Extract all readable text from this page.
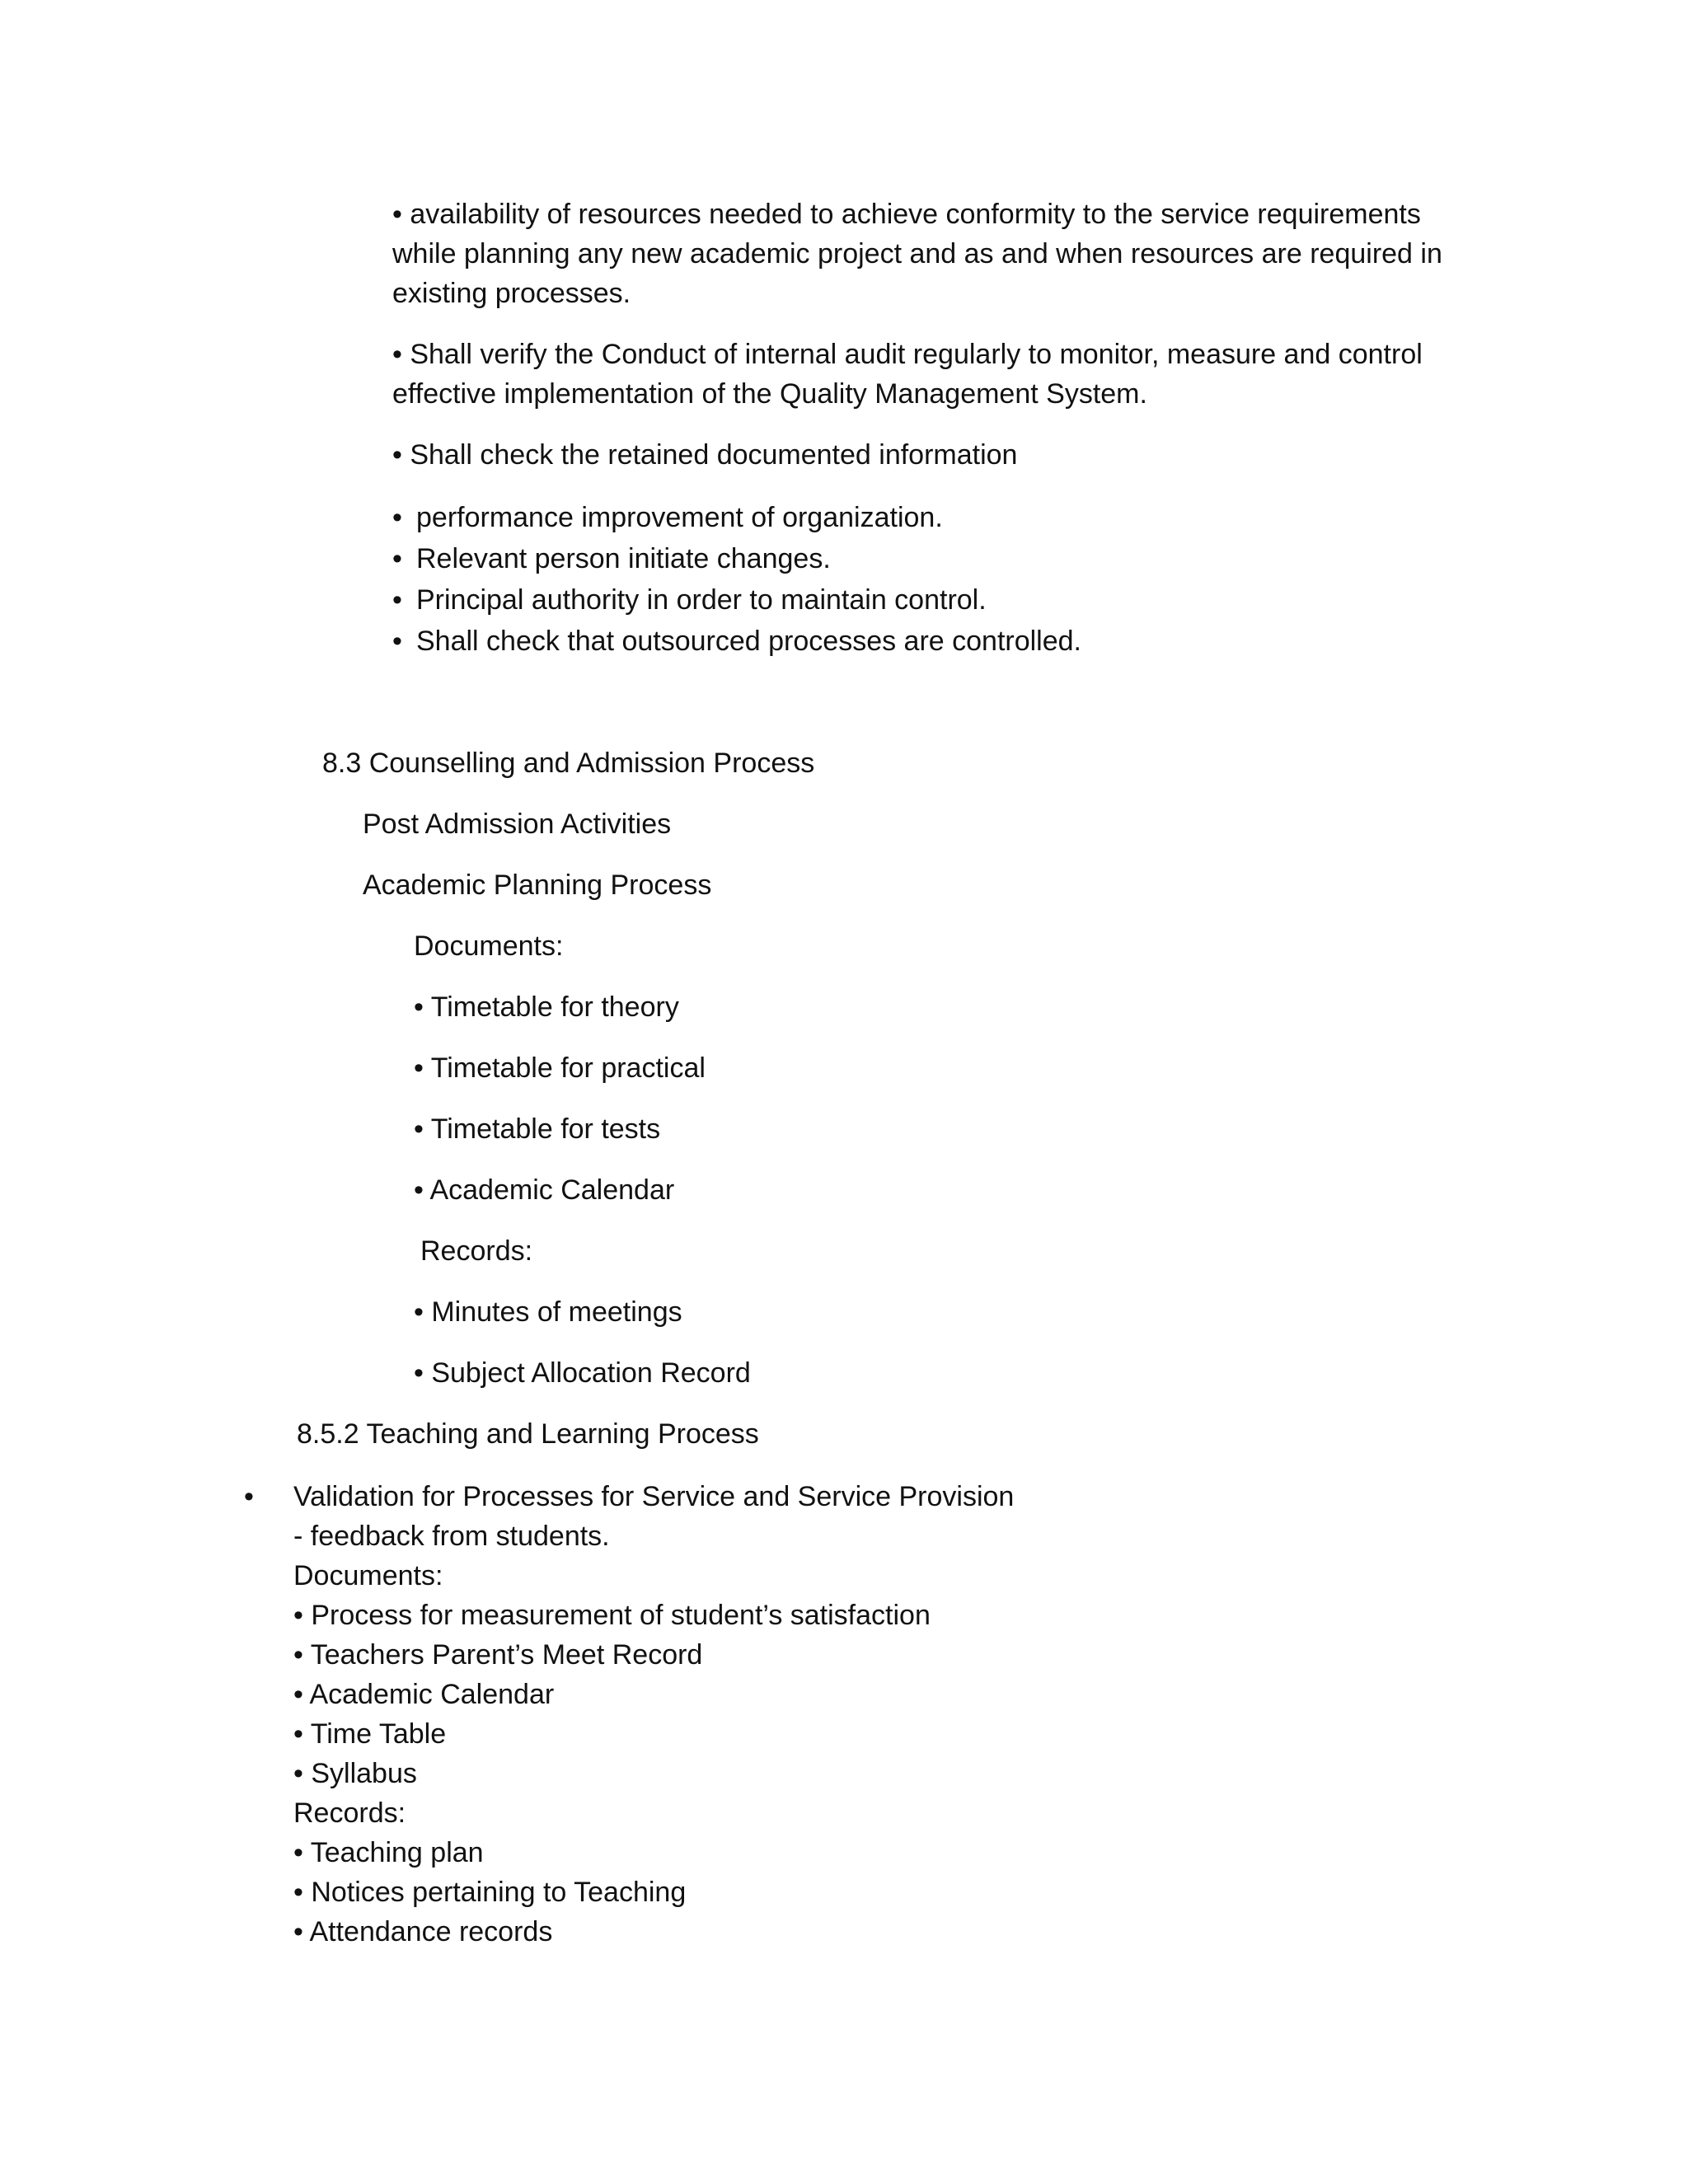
• availability of resources needed to achieve conformity to the service requirements

while planning any new academic project and as and when resources are required in

existing processes.

• Shall verify the Conduct of internal audit regularly to monitor, measure and control

effective implementation of the Quality Management System.

• Shall check the retained documented information

• performance improvement of organization.

• Relevant person initiate changes.

• Principal authority in order to maintain control.

• Shall check that outsourced processes are controlled.

8.3 Counselling and Admission Process

Post Admission Activities

Academic Planning Process

Documents:

• Timetable for theory

• Timetable for practical

• Timetable for tests

• Academic Calendar

Records:

• Minutes of meetings

• Subject Allocation Record

8.5.2 Teaching and Learning Process

• Validation for Processes for Service and Service Provision

- feedback from students.

Documents:

• Process for measurement of student’s satisfaction

• Teachers Parent’s Meet Record

• Academic Calendar

• Time Table

• Syllabus

Records:

• Teaching plan

• Notices pertaining to Teaching

• Attendance records
